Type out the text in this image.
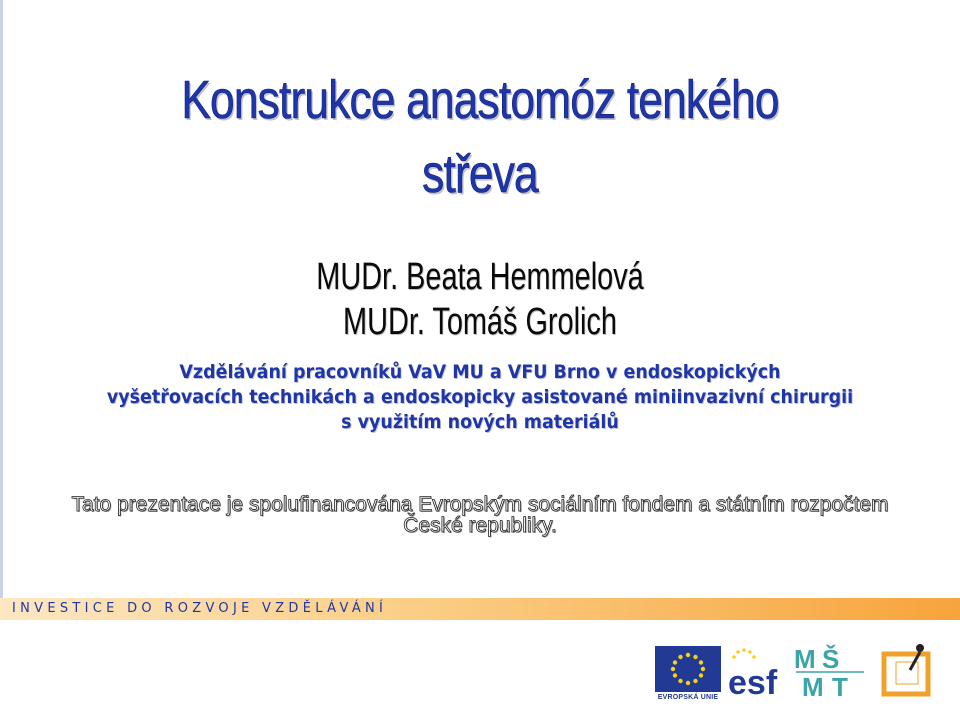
Konstrukce anastomóz tenkého
střeva
MUDr. Beata Hemmelová
MUDr. Tomáš Grolich
Vzdělávání pracovníků VaV MU a VFU Brno v endoskopických
vyšetřovacích technikách a endoskopicky asistované miniinvazivní chirurgii
s využitím nových materiálů
Tato prezentace je spolufinancována Evropským sociálním fondem a státním rozpočtem
České republiky.
INVESTICE DO ROZVOJE VZDĚLÁVÁNÍ
EVROPSKÁ UNIE esf
M Š
M T
